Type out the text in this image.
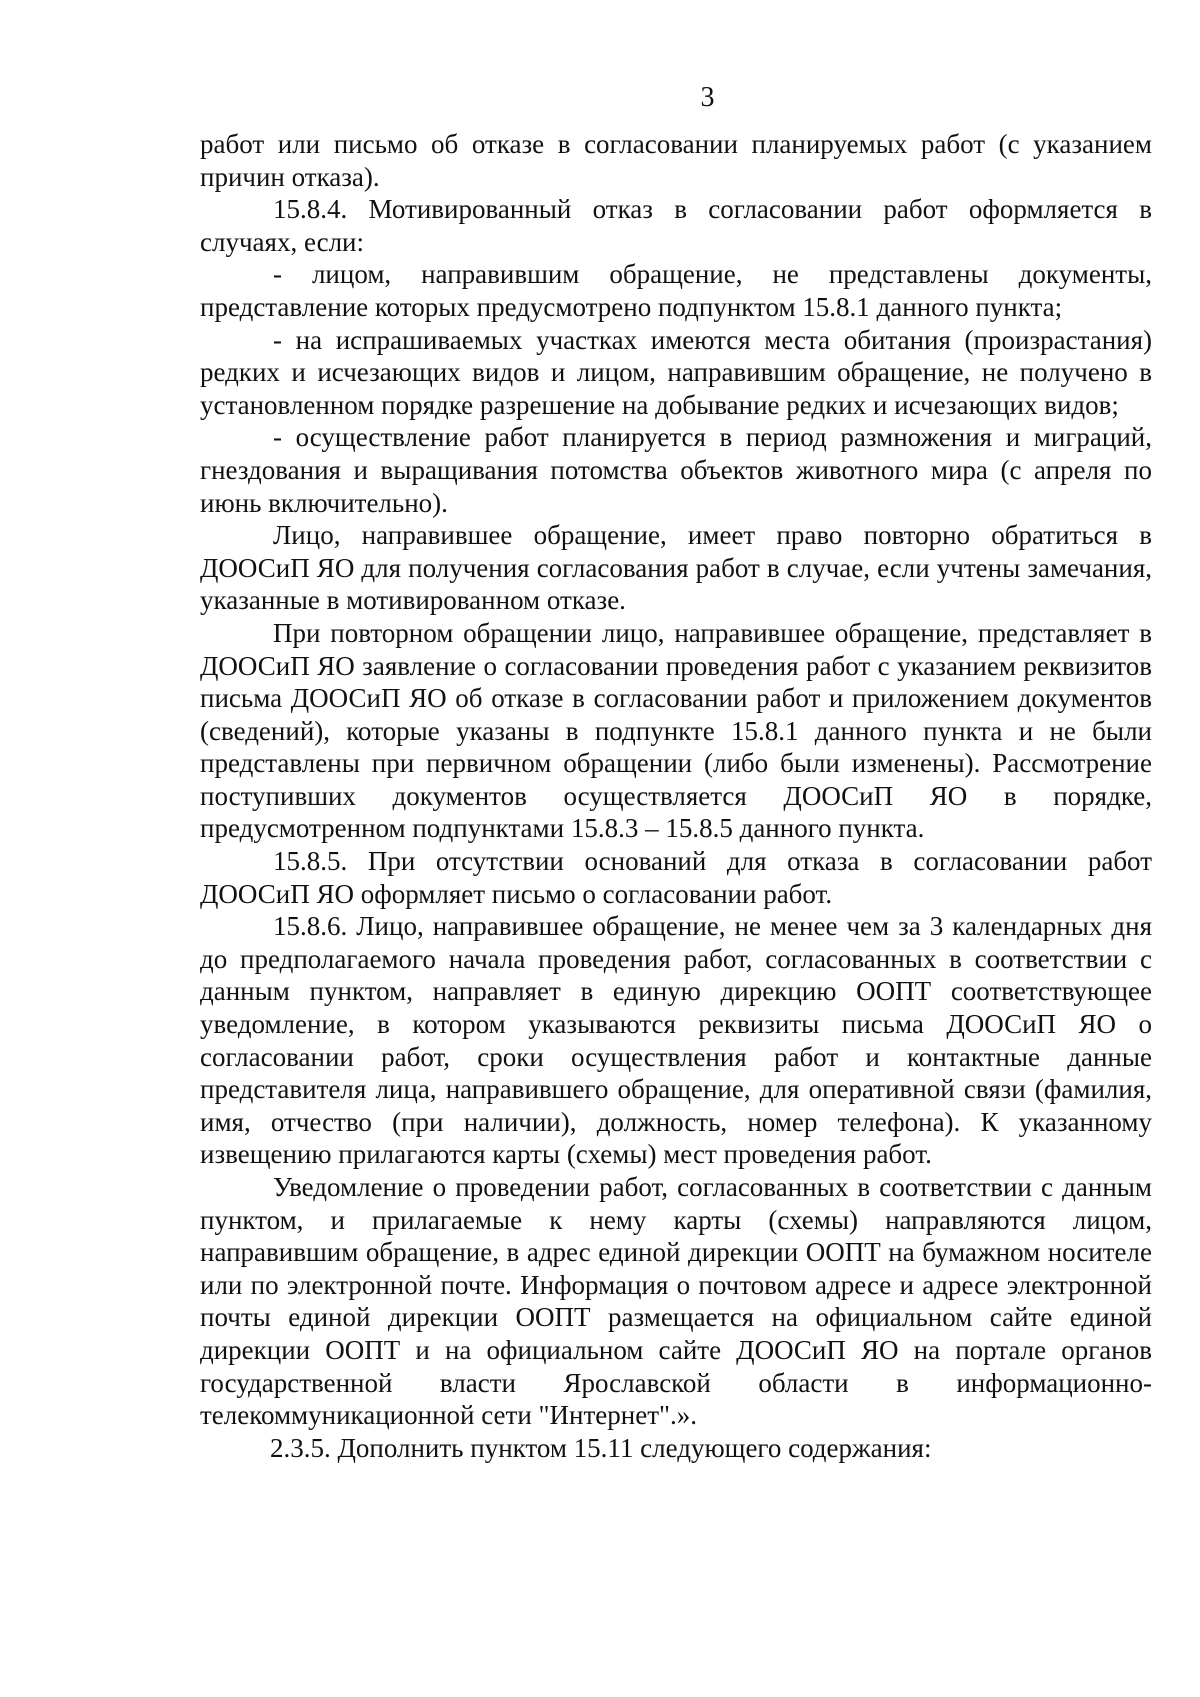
3

работ или письмо об отказе в согласовании планируемых работ (с указанием причин отказа).

15.8.4. Мотивированный отказ в согласовании работ оформляется в случаях, если:

- лицом, направившим обращение, не представлены документы, представление которых предусмотрено подпунктом 15.8.1 данного пункта;

- на испрашиваемых участках имеются места обитания (произрастания) редких и исчезающих видов и лицом, направившим обращение, не получено в установленном порядке разрешение на добывание редких и исчезающих видов;

- осуществление работ планируется в период размножения и миграций, гнездования и выращивания потомства объектов животного мира (с апреля по июнь включительно).

Лицо, направившее обращение, имеет право повторно обратиться в ДООСиП ЯО для получения согласования работ в случае, если учтены замечания, указанные в мотивированном отказе.

При повторном обращении лицо, направившее обращение, представляет в ДООСиП ЯО заявление о согласовании проведения работ с указанием реквизитов письма ДООСиП ЯО об отказе в согласовании работ и приложением документов (сведений), которые указаны в подпункте 15.8.1 данного пункта и не были представлены при первичном обращении (либо были изменены). Рассмотрение поступивших документов осуществляется ДООСиП ЯО в порядке, предусмотренном подпунктами 15.8.3 – 15.8.5 данного пункта.

15.8.5. При отсутствии оснований для отказа в согласовании работ ДООСиП ЯО оформляет письмо о согласовании работ.

15.8.6. Лицо, направившее обращение, не менее чем за 3 календарных дня до предполагаемого начала проведения работ, согласованных в соответствии с данным пунктом, направляет в единую дирекцию ООПТ соответствующее уведомление, в котором указываются реквизиты письма ДООСиП ЯО о согласовании работ, сроки осуществления работ и контактные данные представителя лица, направившего обращение, для оперативной связи (фамилия, имя, отчество (при наличии), должность, номер телефона). К указанному извещению прилагаются карты (схемы) мест проведения работ.

Уведомление о проведении работ, согласованных в соответствии с данным пунктом, и прилагаемые к нему карты (схемы) направляются лицом, направившим обращение, в адрес единой дирекции ООПТ на бумажном носителе или по электронной почте. Информация о почтовом адресе и адресе электронной почты единой дирекции ООПТ размещается на официальном сайте единой дирекции ООПТ и на официальном сайте ДООСиП ЯО на портале органов государственной власти Ярославской области в информационно-телекоммуникационной сети "Интернет".».

2.3.5. Дополнить пунктом 15.11 следующего содержания:
